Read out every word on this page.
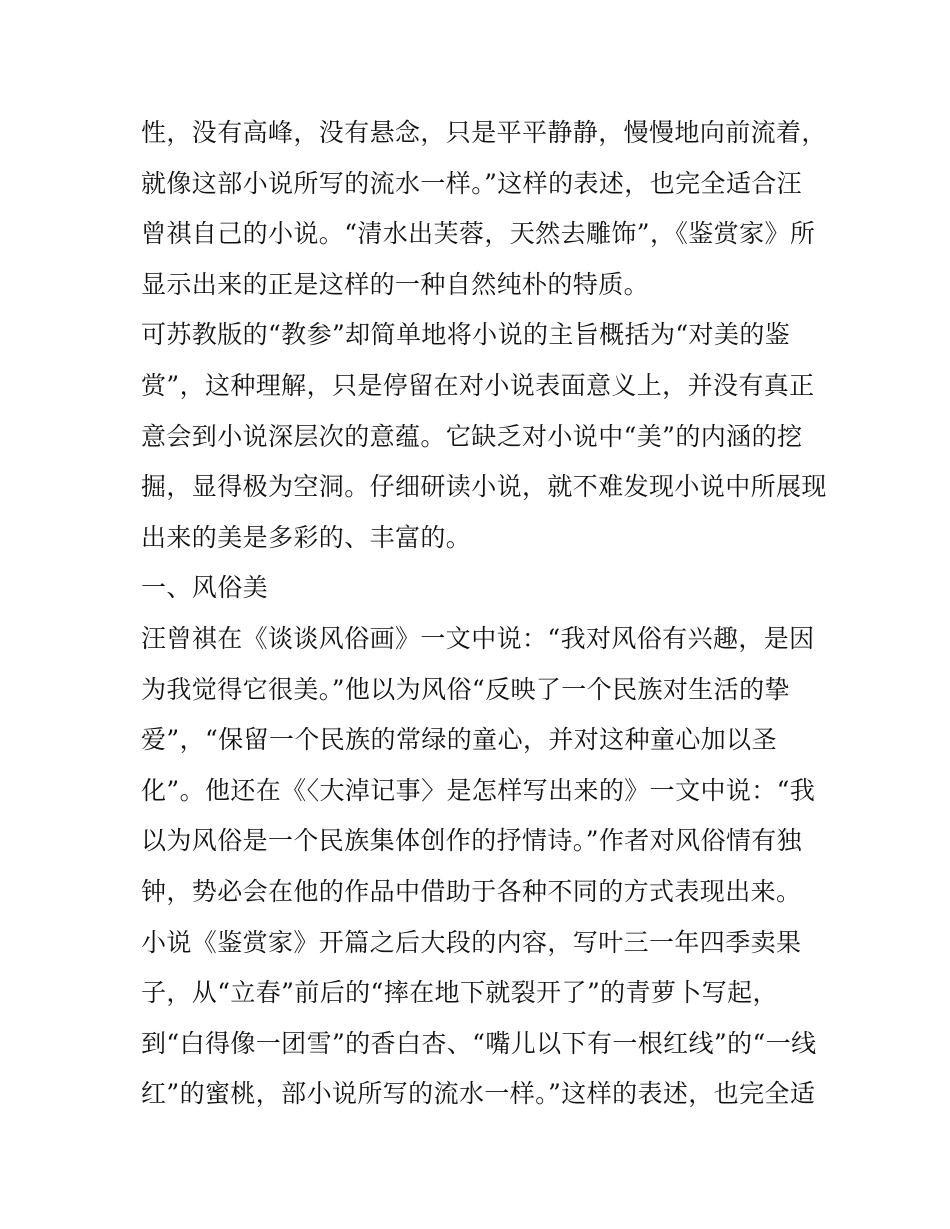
性，没有高峰，没有悬念，只是平平静静，慢慢地向前流着，
就像这部小说所写的流水一样。”这样的表述，也完全适合汪
曾祺自己的小说。“清水出芙蓉，天然去雕饰”，《鉴赏家》所
显示出来的正是这样的一种自然纯朴的特质。
可苏教版的“教参”却简单地将小说的主旨概括为“对美的鉴
赏”，这种理解，只是停留在对小说表面意义上，并没有真正
意会到小说深层次的意蕴。它缺乏对小说中“美”的内涵的挖
掘，显得极为空洞。仔细研读小说，就不难发现小说中所展现
出来的美是多彩的、丰富的。
一、风俗美
汪曾祺在《谈谈风俗画》一文中说：“我对风俗有兴趣，是因
为我觉得它很美。”他以为风俗“反映了一个民族对生活的挚
爱”，“保留一个民族的常绿的童心，并对这种童心加以圣
化”。他还在《〈大淖记事〉是怎样写出来的》一文中说：“我
以为风俗是一个民族集体创作的抒情诗。”作者对风俗情有独
钟，势必会在他的作品中借助于各种不同的方式表现出来。
小说《鉴赏家》开篇之后大段的内容，写叶三一年四季卖果
子，从“立春”前后的“摔在地下就裂开了”的青萝卜写起，
到“白得像一团雪”的香白杏、“嘴儿以下有一根红线”的“一线
红”的蜜桃，部小说所写的流水一样。”这样的表述，也完全适
